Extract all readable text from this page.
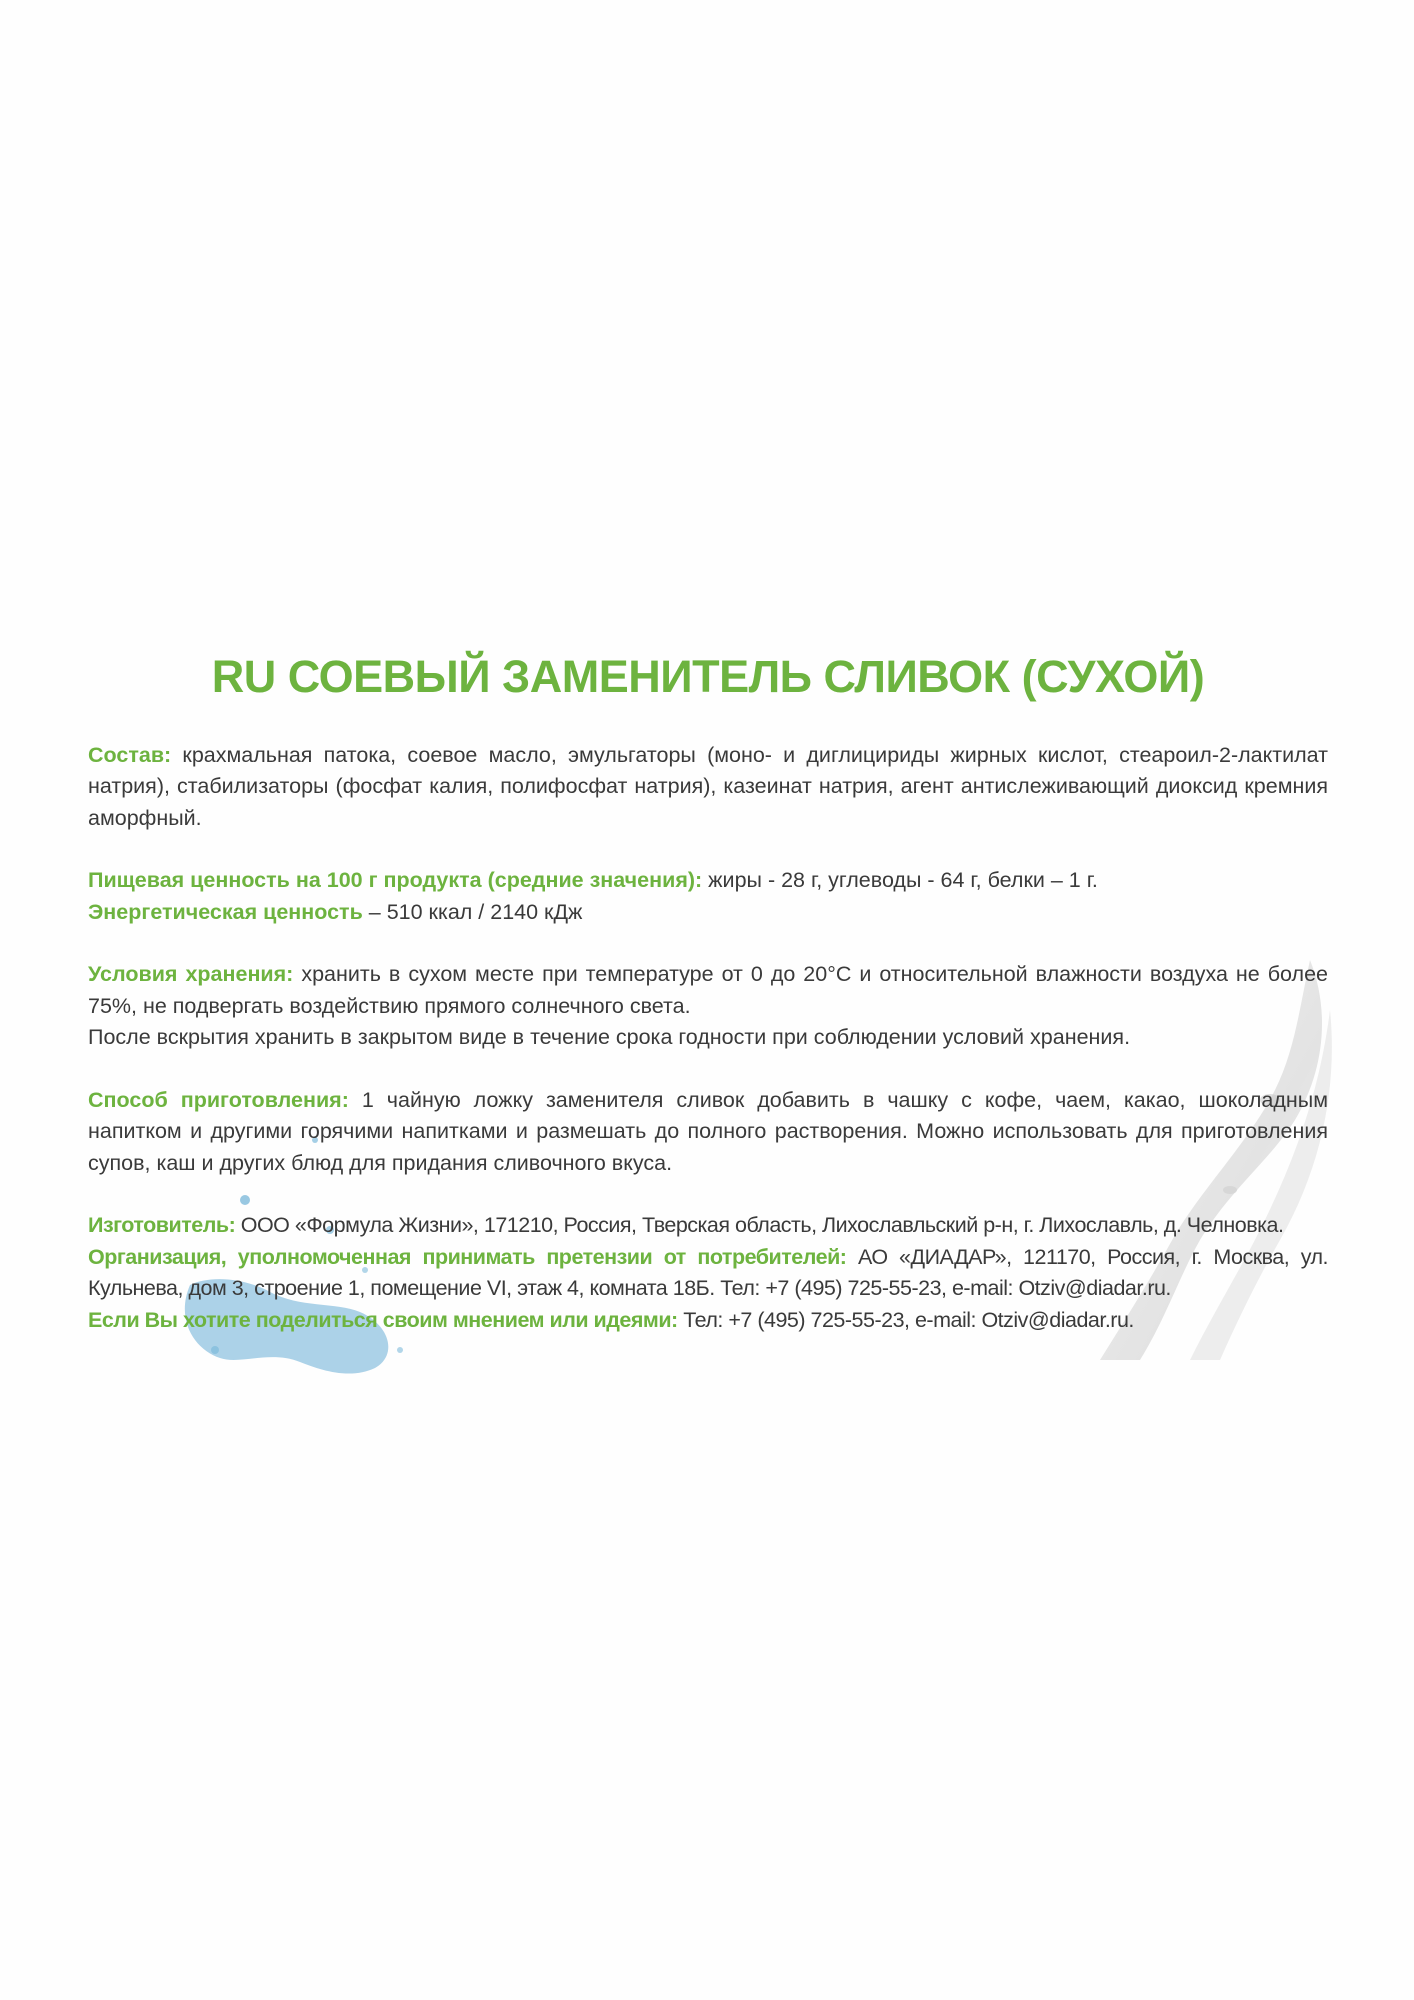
RU СОЕВЫЙ ЗАМЕНИТЕЛЬ СЛИВОК (СУХОЙ)

Состав: крахмальная патока, соевое масло, эмульгаторы (моно- и диглицириды жирных кислот, стеароил-2-лактилат натрия), стабилизаторы (фосфат калия, полифосфат натрия), казеинат натрия, агент антислеживающий диоксид кремния аморфный.

Пищевая ценность на 100 г продукта (средние значения): жиры - 28 г, углеводы - 64 г, белки – 1 г.

Энергетическая ценность – 510 ккал / 2140 кДж

Условия хранения: хранить в сухом месте при температуре от 0 до 20°С и относительной влажности воздуха не более 75%, не подвергать воздействию прямого солнечного света.

После вскрытия хранить в закрытом виде в течение срока годности при соблюдении условий хранения.

Способ приготовления: 1 чайную ложку заменителя сливок добавить в чашку с кофе, чаем, какао, шоколадным напитком и другими горячими напитками и размешать до полного растворения. Можно использовать для приготовления супов, каш и других блюд для придания сливочного вкуса.

Изготовитель: ООО «Формула Жизни», 171210, Россия, Тверская область, Лихославльский р-н, г. Лихославль, д. Челновка.

Организация, уполномоченная принимать претензии от потребителей: АО «ДИАДАР», 121170, Россия, г. Москва, ул. Кульнева, дом 3, строение 1, помещение VI, этаж 4, комната 18Б. Тел: +7 (495) 725-55-23, e-mail: Otziv@diadar.ru.

Если Вы хотите поделиться своим мнением или идеями: Тел: +7 (495) 725-55-23, e-mail: Otziv@diadar.ru.
